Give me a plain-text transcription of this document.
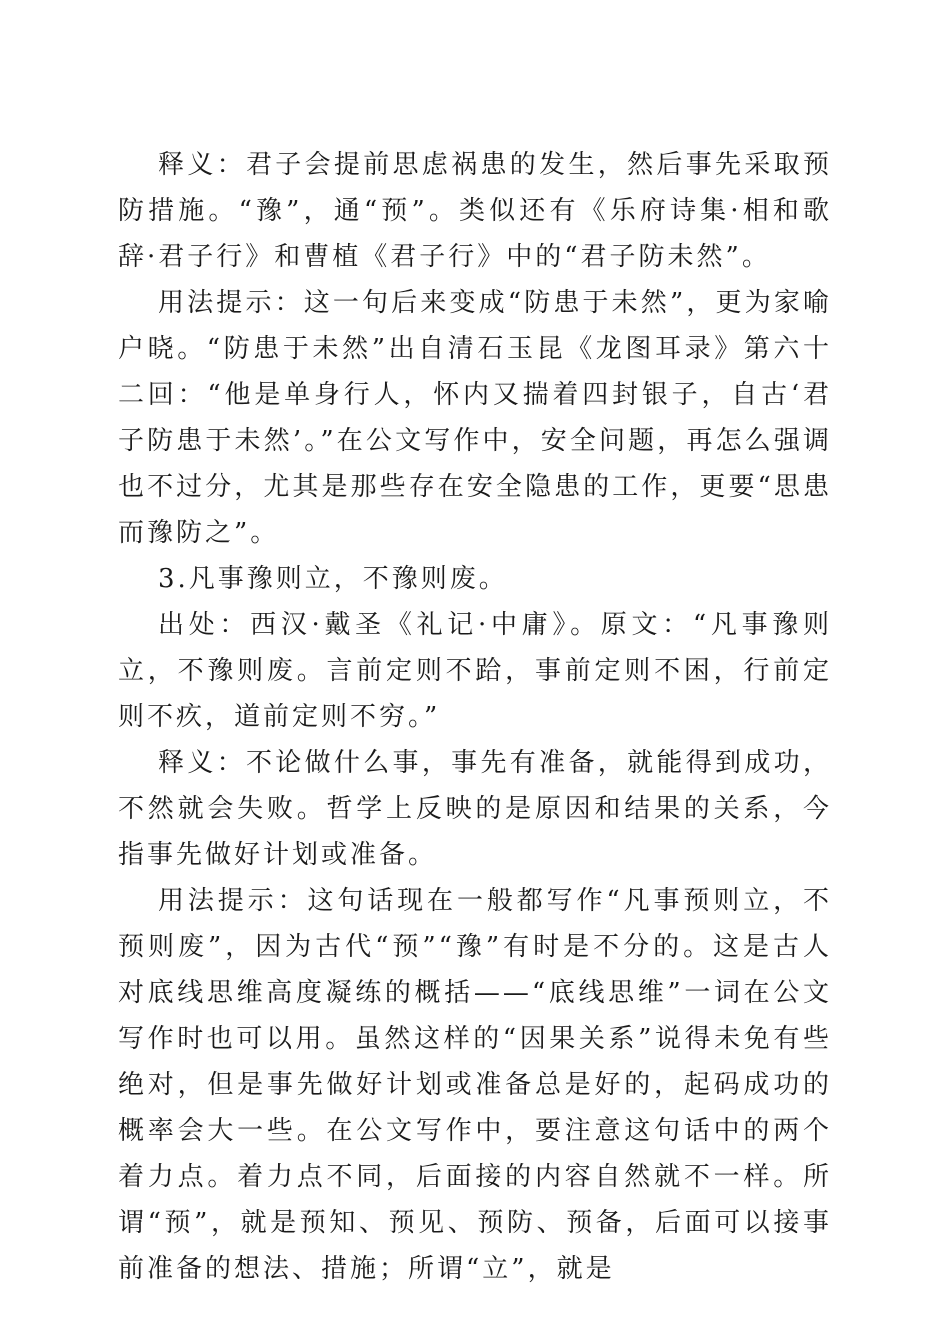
释义：君子会提前思虑祸患的发生，然后事先采取预防措施。“豫”，通“预”。类似还有《乐府诗集·相和歌辞·君子行》和曹植《君子行》中的“君子防未然”。

用法提示：这一句后来变成“防患于未然”，更为家喻户晓。“防患于未然”出自清石玉昆《龙图耳录》第六十二回：“他是单身行人，怀内又揣着四封银子，自古‘君子防患于未然’。”在公文写作中，安全问题，再怎么强调也不过分，尤其是那些存在安全隐患的工作，更要“思患而豫防之”。

3.凡事豫则立，不豫则废。

出处：西汉·戴圣《礼记·中庸》。原文：“凡事豫则立，不豫则废。言前定则不跲，事前定则不困，行前定则不疚，道前定则不穷。”

释义：不论做什么事，事先有准备，就能得到成功，不然就会失败。哲学上反映的是原因和结果的关系，今指事先做好计划或准备。

用法提示：这句话现在一般都写作“凡事预则立，不预则废”，因为古代“预”“豫”有时是不分的。这是古人对底线思维高度凝练的概括——“底线思维”一词在公文写作时也可以用。虽然这样的“因果关系”说得未免有些绝对，但是事先做好计划或准备总是好的，起码成功的概率会大一些。在公文写作中，要注意这句话中的两个着力点。着力点不同，后面接的内容自然就不一样。所谓“预”，就是预知、预见、预防、预备，后面可以接事前准备的想法、措施；所谓“立”，就是
